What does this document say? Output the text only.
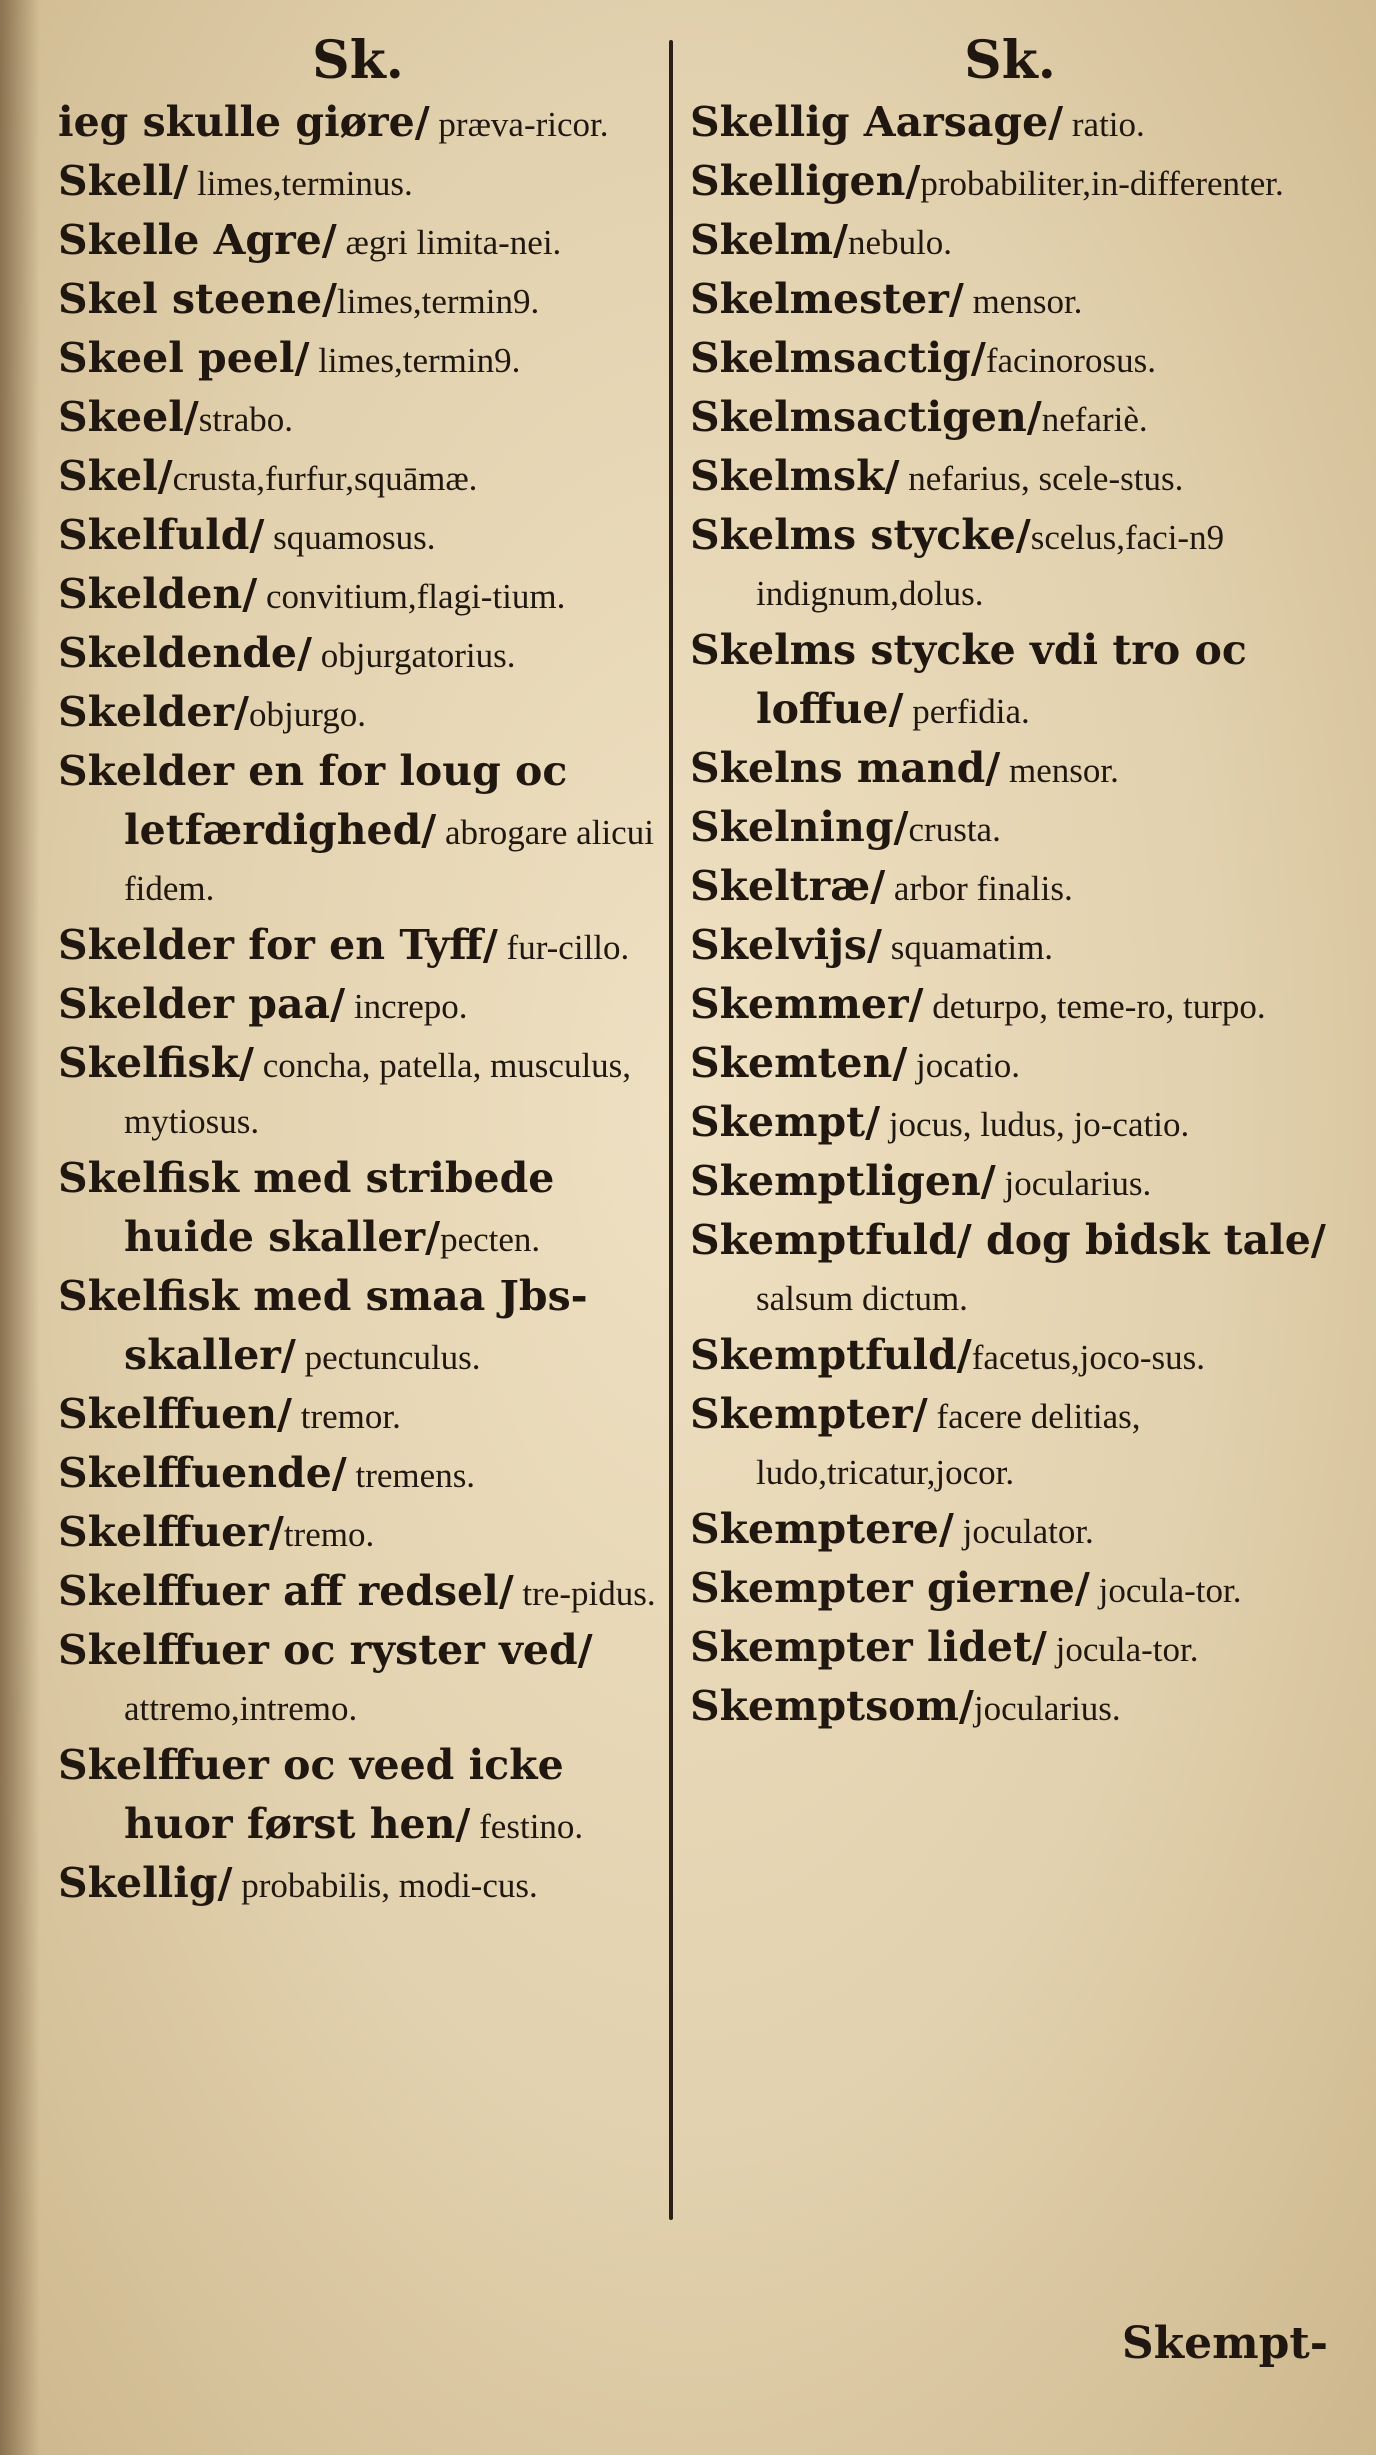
Sk.
ieg skulle giøre/ præva-ricor.
Skell/ limes,terminus.
Skelle Agre/ ægri limita-nei.
Skel steene/limes,termin9.
Skeel peel/ limes,termin9.
Skeel/strabo.
Skel/crusta,furfur,squāmæ.
Skelfuld/ squamosus.
Skelden/ convitium,flagi-tium.
Skeldende/ objurgatorius.
Skelder/objurgo.
Skelder en for loug oc letfærdighed/ abrogare alicui fidem.
Skelder for en Tyff/ fur-cillo.
Skelder paa/ increpo.
Skelfisk/ concha, patella, musculus, mytiosus.
Skelfisk med stribede huide skaller/pecten.
Skelfisk med smaa Jbs-skaller/ pectunculus.
Skelffuen/ tremor.
Skelffuende/ tremens.
Skelffuer/tremo.
Skelffuer aff redsel/ tre-pidus.
Skelffuer oc ryster ved/ attremo,intremo.
Skelffuer oc veed icke huor først hen/ festino.
Skellig/ probabilis, modi-cus.
Sk.
Skellig Aarsage/ ratio.
Skelligen/probabiliter,in-differenter.
Skelm/nebulo.
Skelmester/ mensor.
Skelmsactig/facinorosus.
Skelmsactigen/nefariè.
Skelmsk/ nefarius, scele-stus.
Skelms stycke/scelus,faci-n9 indignum,dolus.
Skelms stycke vdi tro oc loffue/ perfidia.
Skelns mand/ mensor.
Skelning/crusta.
Skeltræ/ arbor finalis.
Skelvijs/ squamatim.
Skemmer/ deturpo, teme-ro, turpo.
Skemten/ jocatio.
Skempt/ jocus, ludus, jo-catio.
Skemptligen/ jocularius.
Skemptfuld/ dog bidsk tale/ salsum dictum.
Skemptfuld/facetus,joco-sus.
Skempter/ facere delitias, ludo,tricatur,jocor.
Skemptere/ joculator.
Skempter gierne/ jocula-tor.
Skempter lidet/ jocula-tor.
Skemptsom/jocularius.
Skempt-
